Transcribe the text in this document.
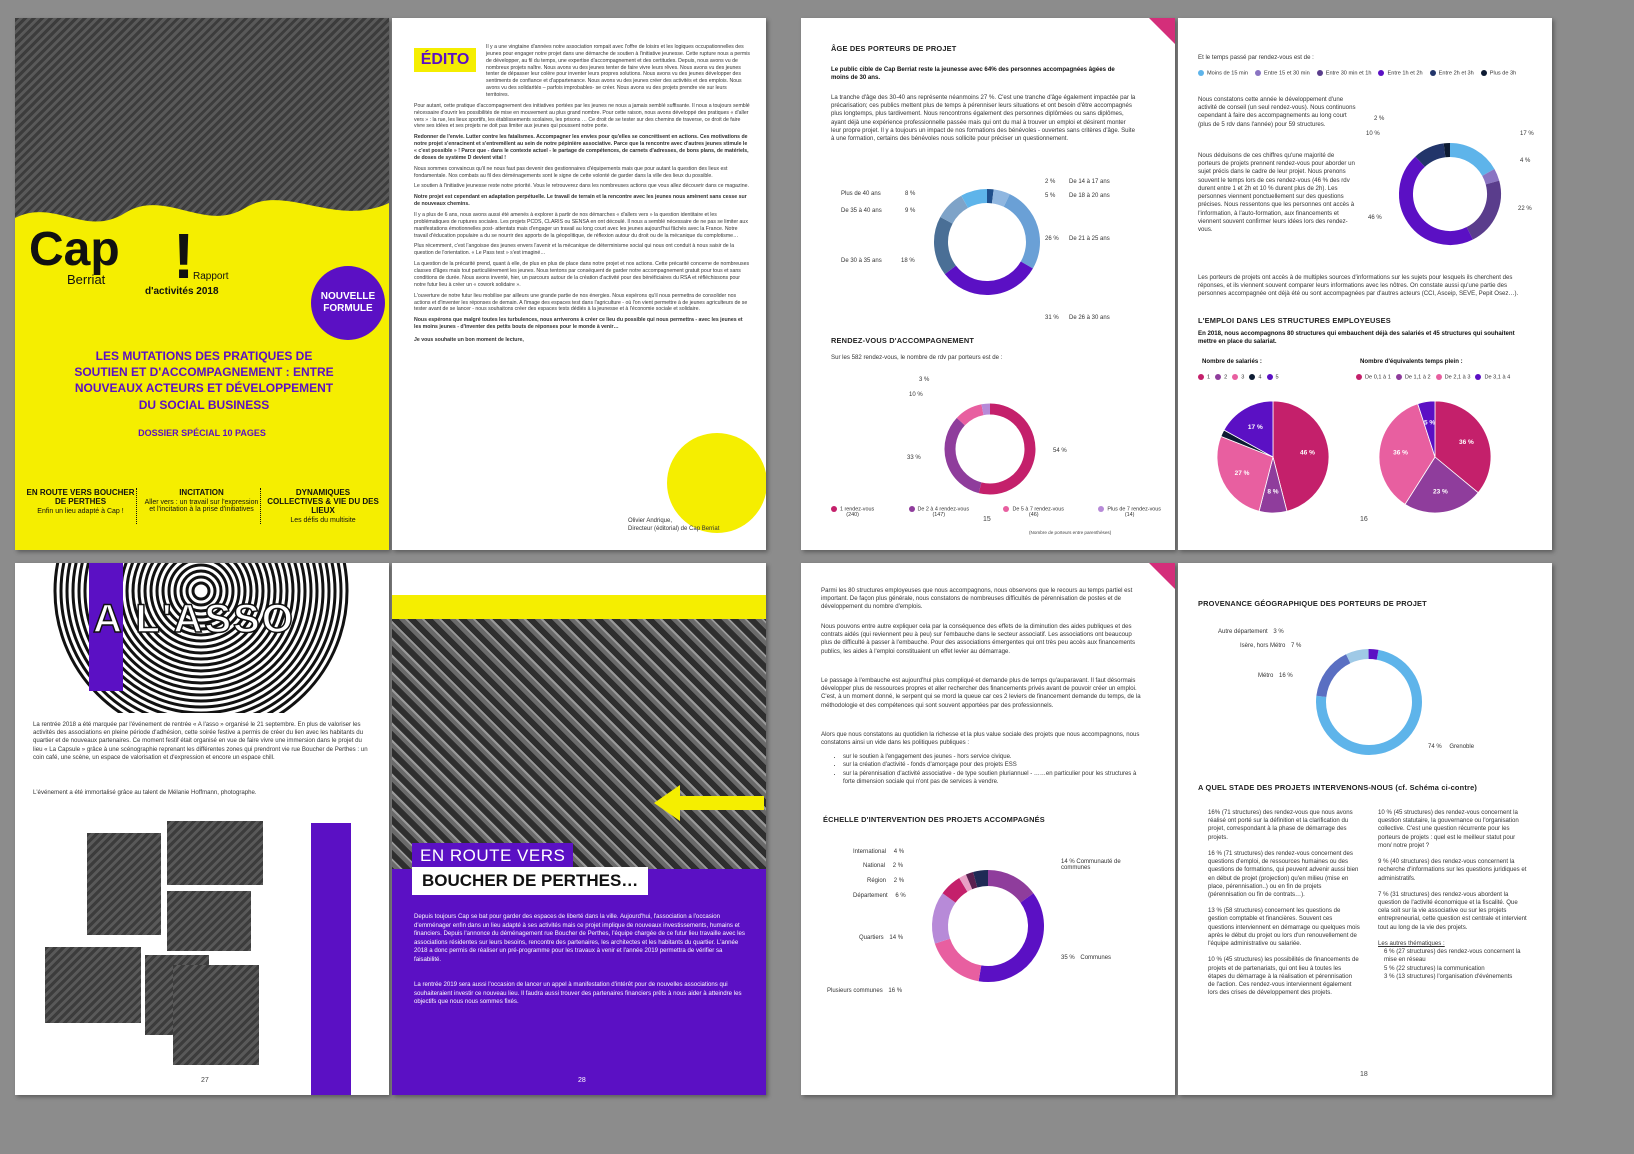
Cap
Berriat !
Rapport
d'activités 2018	NOUVELLE FORMULE
LES MUTATIONS DES PRATIQUES DE SOUTIEN ET D'ACCOMPAGNEMENT : ENTRE NOUVEAUX ACTEURS ET DÉVELOPPEMENT DU SOCIAL BUSINESS
DOSSIER SPÉCIAL 10 PAGES
EN ROUTE VERS BOUCHER DE PERTHES
Enfin un lieu adapté à Cap !
INCITATION
Aller vers : un travail sur l'expression et l'incitation à la prise d'initiatives
DYNAMIQUES COLLECTIVES & VIE DU DES LIEUX
Les défis du multisite
ÉDITO

Il y a une vingtaine d'années notre association rompait avec l'offre de loisirs et les logiques occupationnelles des jeunes pour engager notre projet dans une démarche de soutien à l'initiative jeunesse. Cette rupture nous a permis de développer, au fil du temps, une expertise d'accompagnement et des certitudes. Depuis, nous avons vu de nombreux projets naître. Nous avons vu des jeunes tenter de faire vivre leurs rêves. Nous avons vu des jeunes tenter de dépasser leur colère pour inventer leurs propres solutions. Nous avons vu des jeunes développer des sentiments de confiance et d'appartenance. Nous avons vu des jeunes créer des activités et des emplois. Nous avons vu des solidarités – parfois improbables- se créer. Nous avons vu des projets prendre vie sur leurs territoires.

Pour autant, cette pratique d'accompagnement des initiatives portées par les jeunes ne nous a jamais semblé suffisante. Il nous a toujours semblé nécessaire d'ouvrir les possibilités de mise en mouvement au plus grand nombre. Pour cette raison, nous avons développé des pratiques « d'aller vers » : la rue, les lieux sportifs, les établissements scolaires, les prisons … Ce droit de se tester sur des chemins de traverse, ce droit de faire vivre ses idées et ses projets ne doit pas limiter aux jeunes qui poussent notre porte.

Redonner de l'envie. Lutter contre les fatalismes. Accompagner les envies pour qu'elles se concrétisent en actions. Ces motivations de notre projet s'enracinent et s'entremêlent au sein de notre pépinière associative. Parce que la rencontre avec d'autres jeunes stimule le « c'est possible » ! Parce que - dans le contexte actuel - le partage de compétences, de carnets d'adresses, de bons plans, de matériels, de doses de système D devient vital !

Nous sommes convaincus qu'il ne nous faut pas devenir des gestionnaires d'équipements mais que pour autant la question des lieux est fondamentale. Nos combats au fil des déménagements sont le signe de cette volonté de garder dans la ville des lieux du possible.

Le soutien à l'initiative jeunesse reste notre priorité. Vous le retrouverez dans les nombreuses actions que vous allez découvrir dans ce magazine.

Notre projet est cependant en adaptation perpétuelle. Le travail de terrain et la rencontre avec les jeunes nous amènent sans cesse sur de nouveaux chemins.

Il y a plus de 6 ans, nous avons aussi été amenés à explorer à partir de nos démarches « d'allers vers » la question identitaire et les problématiques de ruptures sociales. Les projets PCDS, CLARIS ou SENSA en ont découlé. Il nous a semblé nécessaire de ne pas se limiter aux manifestations émotionnelles post- attentats mais d'engager un travail au long court avec les jeunes aujourd'hui fâchés avec la France. Notre travail d'éducation populaire a du se nourrir des apports de la géopolitique, de réflexion autour du droit ou de la mécanique du complotisme…

Plus récemment, c'est l'angoisse des jeunes envers l'avenir et la mécanique de déterminisme social qui nous ont conduit à nous saisir de la question de l'orientation. « Le Pass test » s'est imaginé…

La question de la précarité prend, quant à elle, de plus en plus de place dans notre projet et nos actions. Cette précarité concerne de nombreuses classes d'âges mais tout particulièrement les jeunes. Nous tentons par conséquent de garder notre accompagnement gratuit pour tous et sans conditions de durée. Nous avons inventé, hier, un parcours autour de la création d'activité pour des bénéficiaires du RSA et réfléchissons pour notre futur lieu à créer un « cowork solidaire ».

L'ouverture de notre futur lieu mobilise par ailleurs une grande partie de nos énergies. Nous espérons qu'il nous permettra de consolider nos actions et d'inventer les réponses de demain. A l'image des espaces test dans l'agriculture - où l'on vient permettre à de jeunes agriculteurs de se tester avant de se lancer - nous souhaitons créer des espaces tests dédiés à la jeunesse et à l'économie sociale et solidaire.

Nous espérons que malgré toutes les turbulences, nous arriverons à créer ce lieu du possible qui nous permettra - avec les jeunes et les moins jeunes - d'inventer des petits bouts de réponses pour le monde à venir…

Je vous souhaite un bon moment de lecture,

Olivier Andrique,
Directeur (éditorial) de Cap Berriat
ÂGE DES PORTEURS DE PROJET
Le public cible de Cap Berriat reste la jeunesse avec 64% des personnes accompagnées âgées de moins de 30 ans.
La tranche d'âge des 30-40 ans représente néanmoins 27 %. C'est une tranche d'âge également impactée par la précarisation; ces publics mettent plus de temps à pérenniser leurs situations et ont besoin d'être accompagnés plus longtemps, plus tardivement. Nous rencontrons également des personnes diplômées ou sans diplômes, ayant déjà une expérience professionnelle passée mais qui ont du mal à trouver un emploi et désirent monter leur propre projet. Il y a toujours un impact de nos formations des bénévoles - ouvertes sans critères d'âge. Suite à une formation, certains des bénévoles nous sollicite pour préciser un questionnement.
Plus de 40 ans	8 %
De 35 à 40 ans	9 %
De 30 à 35 ans	18 %
De 14 à 17 ans
2 %
De 18 à 20 ans
5 %
De 21 à 25 ans
26 %
De 26 à 30 ans
31 %
RENDEZ-VOUS D'ACCOMPAGNEMENT
Sur les 582 rendez-vous, le nombre de rdv par porteurs est de :
3 %
10 %
33 %
54 %
1 rendez-vous
(240)
De 2 à 4 rendez-vous
(147)
De 5 à 7 rendez-vous
(46)
Plus de 7 rendez-vous
(14)
(Nombre de porteurs entre parenthèses)
15
Et le temps passé par rendez-vous est de :
Moins de 15 min	Entre 15 et 30 min	Entre 30 min et 1h	Entre 1h et 2h	Entre 2h et 3h	Plus de 3h
Nous constatons cette année le développement d'une activité de conseil (un seul rendez-vous). Nous continuons cependant à faire des accompagnements au long court (plus de 5 rdv dans l'année) pour 59 structures.
Nous déduisons de ces chiffres qu'une majorité de porteurs de projets prennent rendez-vous pour aborder un sujet précis dans le cadre de leur projet. Nous prenons souvent le temps lors de ces rendez-vous (46 % des rdv durent entre 1 et 2h et 10 % durent plus de 2h). Les personnes viennent ponctuellement sur des questions précises. Nous ressentons que les personnes ont accès à l'information, à l'auto-formation, aux financements et viennent souvent confirmer leurs idées lors des rendez-vous.
2 %
10 %
46 %
17 %
4 %
22 %
Les porteurs de projets ont accès à de multiples sources d'informations sur les sujets pour lesquels ils cherchent des réponses, et ils viennent souvent comparer leurs informations avec les nôtres. On constate aussi qu'une partie des personnes accompagnée ont déjà été ou sont accompagnées par d'autres acteurs (CCI, Asceip, SEVE, Pepit Osez…).
L'EMPLOI DANS LES STRUCTURES EMPLOYEUSES
En 2018, nous accompagnons 80 structures qui embauchent déjà des salariés et 45 structures qui souhaitent mettre en place du salariat.
Nombre de salariés :
1	2	3	4	5
46 %
8 %
27 %
17 %
Nombre d'équivalents temps plein :
De 0,1 à 1	De 1,1 à 2	De 2,1 à 3	De 3,1 à 4
36 %
23 %
36 %
5 %
16
A L'ASSO
La rentrée 2018 a été marquée par l'événement de rentrée « A l'asso » organisé le 21 septembre. En plus de valoriser les activités des associations en pleine période d'adhésion, cette soirée festive a permis de créer du lien avec les habitants du quartier et de nouveaux partenaires. Ce moment festif était organisé en vue de faire vivre une immersion dans le projet du lieu « La Capsule » grâce à une scénographie reprenant les différentes zones qui prendront vie rue Boucher de Perthes : un coin café, une scène, un espace de valorisation et d'expression et encore un espace chill.
L'événement a été immortalisé grâce au talent de Mélanie Hoffmann, photographe.
27
EN ROUTE VERS
BOUCHER DE PERTHES…
Depuis toujours Cap se bat pour garder des espaces de liberté dans la ville. Aujourd'hui, l'association a l'occasion d'emménager enfin dans un lieu adapté à ses activités mais ce projet implique de nouveaux investissements, humains et financiers. Depuis l'annonce du déménagement rue Boucher de Perthes, l'équipe chargée de ce futur lieu travaille avec les associations résidentes sur leurs besoins, rencontre des partenaires, les architectes et les habitants du quartier. L'année 2018 a donc permis de réaliser un pré-programme pour les travaux à venir et l'année 2019 permettra de vérifier sa faisabilité.
La rentrée 2019 sera aussi l'occasion de lancer un appel à manifestation d'intérêt pour de nouvelles associations qui souhaiteraient investir ce nouveau lieu. Il faudra aussi trouver des partenaires financiers prêts à nous aider à atteindre les objectifs que nous nous sommes fixés.
28
Parmi les 80 structures employeuses que nous accompagnons, nous observons que le recours au temps partiel est important. De façon plus générale, nous constatons de nombreuses difficultés de pérennisation de postes et de développement du nombre d'emplois.
Nous pouvons entre autre expliquer cela par la conséquence des effets de la diminution des aides publiques et des contrats aidés (qui reviennent peu à peu) sur l'embauche dans le secteur associatif. Les associations ont beaucoup plus de difficulté à passer à l'embauche. Pour des associations émergentes qui ont très peu accès aux financements publics, les aides à l'emploi constituaient un effet levier au démarrage.
Le passage à l'embauche est aujourd'hui plus compliqué et demande plus de temps qu'auparavant. Il faut désormais développer plus de ressources propres et aller rechercher des financements privés avant de pouvoir créer un emploi. C'est, à un moment donné, le serpent qui se mord la queue car ces 2 leviers de financement demande du temps, de la méthodologie et des compétences qui sont souvent apportées par des professionnels.
Alors que nous constatons au quotidien la richesse et la plus value sociale des projets que nous accompagnons, nous constatons ainsi un vide dans les politiques publiques :
• sur le soutien à l'engagement des jeunes - hors service civique.
• sur la création d'activité - fonds d'amorçage pour des projets ESS
• sur la pérennisation d'activité associative - de type soutien pluriannuel - ……en particulier pour les structures à forte dimension sociale qui n'ont pas de services à vendre.
ÉCHELLE D'INTERVENTION DES PROJETS ACCOMPAGNÉS
International 4 %
National 2 %
Région 2 %
Département 6 %
Quartiers 14 %
Plusieurs communes 16 %
14 % Communauté de communes
35 % Communes
PROVENANCE GÉOGRAPHIQUE DES PORTEURS DE PROJET
Autre département 3 %
Isère, hors Métro 7 %
Métro 16 %
74 % Grenoble
A QUEL STADE DES PROJETS INTERVENONS-NOUS (cf. Schéma ci-contre)
16% (71 structures) des rendez-vous que nous avons réalisé ont porté sur la définition et la clarification du projet, correspondant à la phase de démarrage des projets.
16 % (71 structures) des rendez-vous concernent des questions d'emploi, de ressources humaines ou des questions de formations, qui peuvent advenir aussi bien en début de projet (projection) qu'en milieu (mise en place, pérennisation..) ou en fin de projets (pérennisation ou fin de contrats…).
13 % (58 structures) concernent les questions de gestion comptable et financières. Souvent ces questions interviennent en démarrage ou quelques mois après le début du projet ou lors d'un renouvellement de l'équipe administrative ou salariée.
10 % (45 structures) les possibilités de financements de projets et de partenariats, qui ont lieu à toutes les étapes du démarrage à la réalisation et pérennisation de l'action. Ces rendez-vous interviennent également lors des crises de développement des projets.
10 % (45 structures) des rendez-vous concernent la question statutaire, la gouvernance ou l'organisation collective. C'est une question récurrente pour les porteurs de projets : quel est le meilleur statut pour mon/ notre projet ?
9 % (40 structures) des rendez-vous concernent la recherche d'informations sur les questions juridiques et administratifs.
7 % (31 structures) des rendez-vous abordent la question de l'activité économique et la fiscalité. Que cela soit sur la vie associative ou sur les projets entrepreneurial, cette question est centrale et intervient tout au long de la vie des projets.
Les autres thématiques :
6 % (27 structures) des rendez-vous concernent la mise en réseau
5 % (22 structures) la communication
3 % (13 structures) l'organisation d'événements
18
